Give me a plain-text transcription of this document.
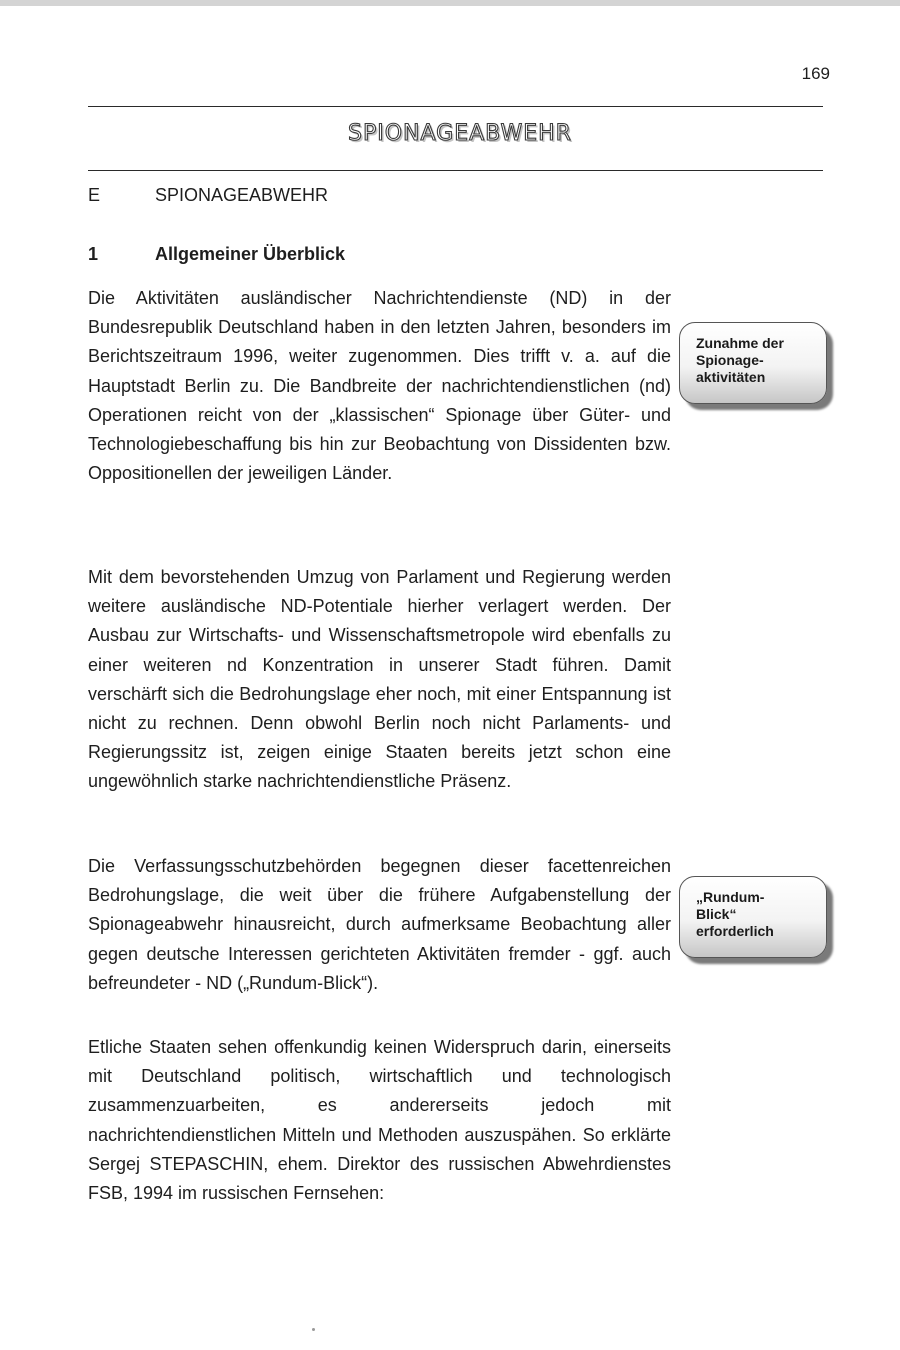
169
SPIONAGEABWEHR
E	SPIONAGEABWEHR
1	Allgemeiner Überblick

Die Aktivitäten ausländischer Nachrichtendienste (ND) in der Bundesrepublik Deutschland haben in den letzten Jahren, besonders im Berichtszeitraum 1996, weiter zugenommen. Dies trifft v. a. auf die Hauptstadt Berlin zu. Die Bandbreite der nachrichtendienstlichen (nd) Operationen reicht von der „klassischen“ Spionage über Güter- und Technologiebeschaffung bis hin zur Beobachtung von Dissidenten bzw. Oppositionellen der jeweiligen Länder.

Mit dem bevorstehenden Umzug von Parlament und Regierung werden weitere ausländische ND-Potentiale hierher verlagert werden. Der Ausbau zur Wirtschafts- und Wissenschaftsmetropole wird ebenfalls zu einer weiteren nd Konzentration in unserer Stadt führen. Damit verschärft sich die Bedrohungslage eher noch, mit einer Entspannung ist nicht zu rechnen. Denn obwohl Berlin noch nicht Parlaments- und Regierungssitz ist, zeigen einige Staaten bereits jetzt schon eine ungewöhnlich starke nachrichtendienstliche Präsenz.

Die Verfassungsschutzbehörden begegnen dieser facettenreichen Bedrohungslage, die weit über die frühere Aufgabenstellung der Spionageabwehr hinausreicht, durch aufmerksame Beobachtung aller gegen deutsche Interessen gerichteten Aktivitäten fremder - ggf. auch befreundeter - ND („Rundum-Blick“).

Etliche Staaten sehen offenkundig keinen Widerspruch darin, einerseits mit Deutschland politisch, wirtschaftlich und technologisch zusammenzuarbeiten, es andererseits jedoch mit nachrichtendienstlichen Mitteln und Methoden auszuspähen. So erklärte Sergej STEPASCHIN, ehem. Direktor des russischen Abwehrdienstes FSB, 1994 im russischen Fernsehen:

Zunahme der
Spionage-
aktivitäten
„Rundum-
Blick“
erforderlich
